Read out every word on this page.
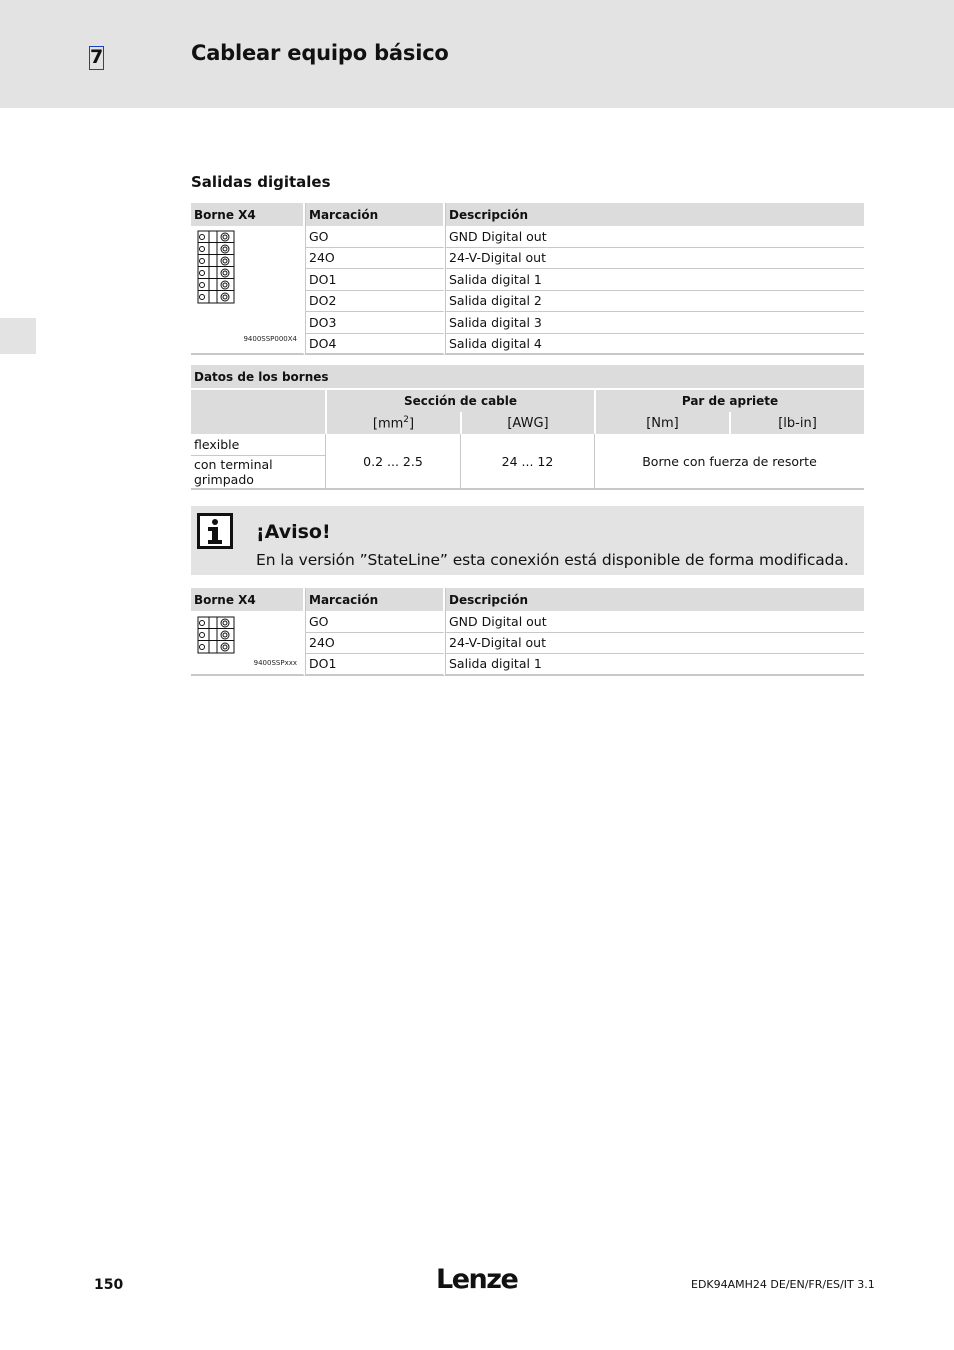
7	Cablear equipo básico
Salidas digitales
Borne X4	Marcación	Descripción

9400SSP000X4	GO	GND Digital out
	24O	24-V-Digital out
	DO1	Salida digital 1
	DO2	Salida digital 2
	DO3	Salida digital 3
	DO4	Salida digital 4
Datos de los bornes				

	Sección de cable		Par de apriete	
	$[mm^2]$	[AWG]	[Nm]	[lb-in]
flexible	0.2 ... 2.5	24 ... 12	Borne con fuerza de resorte	
con terminal grimpado				
¡Aviso!
En la versión ”StateLine” esta conexión está disponible de forma modificada.
Borne X4	Marcación	Descripción

9400SSPxxx	GO	GND Digital out
	24O	24-V-Digital out
	DO1	Salida digital 1
150	Lenze	EDK94AMH24 DE/EN/FR/ES/IT 3.1
